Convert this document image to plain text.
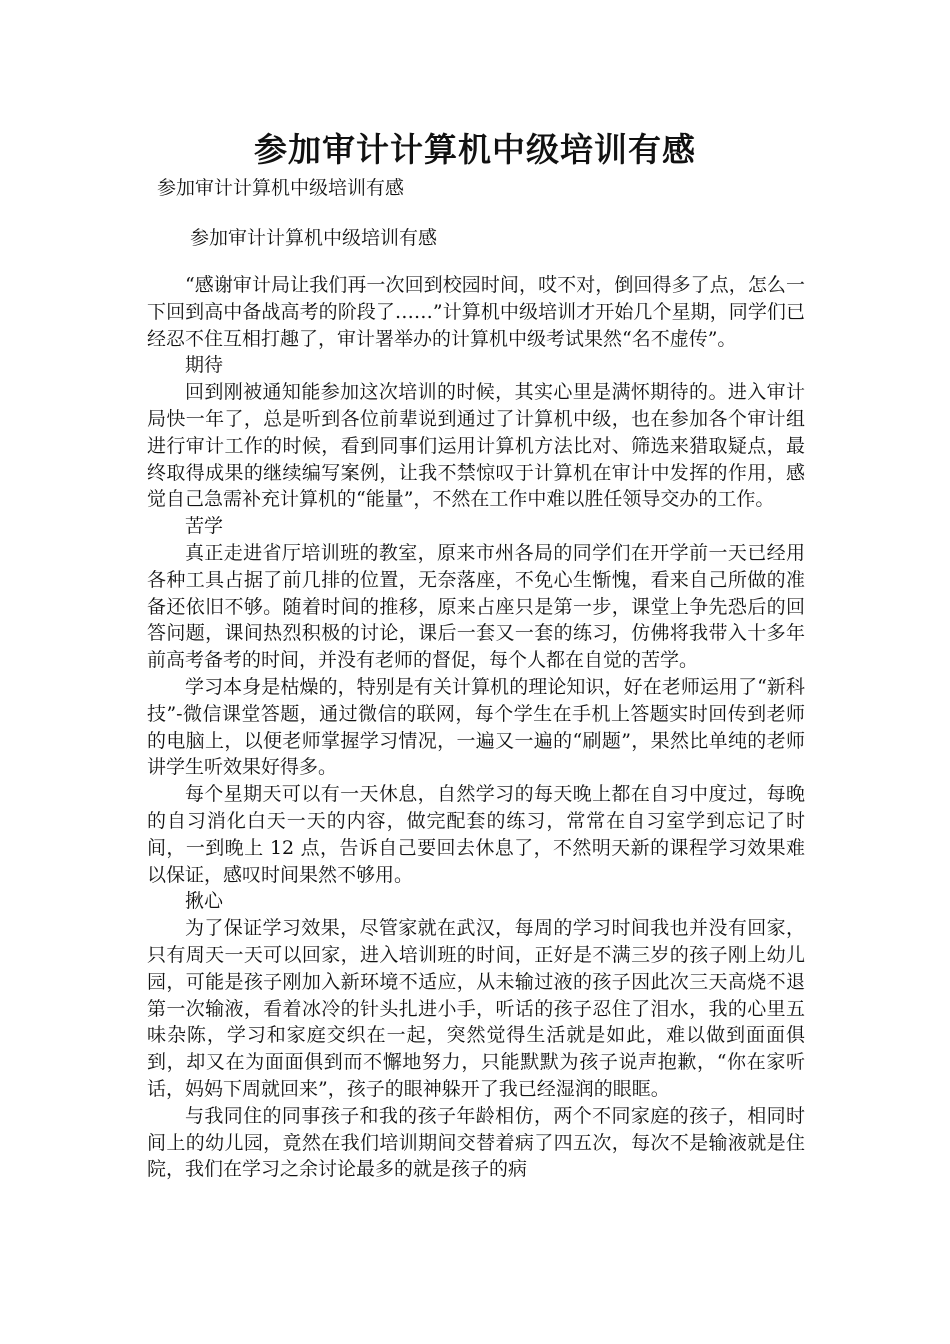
参加审计计算机中级培训有感
参加审计计算机中级培训有感
参加审计计算机中级培训有感

“感谢审计局让我们再一次回到校园时间，哎不对，倒回得多了点，怎么一下回到高中备战高考的阶段了……”计算机中级培训才开始几个星期，同学们已经忍不住互相打趣了，审计署举办的计算机中级考试果然“名不虚传”。

期待

回到刚被通知能参加这次培训的时候，其实心里是满怀期待的。进入审计局快一年了，总是听到各位前辈说到通过了计算机中级，也在参加各个审计组进行审计工作的时候，看到同事们运用计算机方法比对、筛选来猎取疑点，最终取得成果的继续编写案例，让我不禁惊叹于计算机在审计中发挥的作用，感觉自己急需补充计算机的“能量”，不然在工作中难以胜任领导交办的工作。

苦学

真正走进省厅培训班的教室，原来市州各局的同学们在开学前一天已经用各种工具占据了前几排的位置，无奈落座，不免心生惭愧，看来自己所做的准备还依旧不够。随着时间的推移，原来占座只是第一步，课堂上争先恐后的回答问题，课间热烈积极的讨论，课后一套又一套的练习，仿佛将我带入十多年前高考备考的时间，并没有老师的督促，每个人都在自觉的苦学。

学习本身是枯燥的，特别是有关计算机的理论知识，好在老师运用了“新科技”-微信课堂答题，通过微信的联网，每个学生在手机上答题实时回传到老师的电脑上，以便老师掌握学习情况，一遍又一遍的“刷题”，果然比单纯的老师讲学生听效果好得多。

每个星期天可以有一天休息，自然学习的每天晚上都在自习中度过，每晚的自习消化白天一天的内容，做完配套的练习，常常在自习室学到忘记了时间，一到晚上 12 点，告诉自己要回去休息了，不然明天新的课程学习效果难以保证，感叹时间果然不够用。

揪心

为了保证学习效果，尽管家就在武汉，每周的学习时间我也并没有回家，只有周天一天可以回家，进入培训班的时间，正好是不满三岁的孩子刚上幼儿园，可能是孩子刚加入新环境不适应，从未输过液的孩子因此次三天高烧不退第一次输液，看着冰冷的针头扎进小手，听话的孩子忍住了泪水，我的心里五味杂陈，学习和家庭交织在一起，突然觉得生活就是如此，难以做到面面俱到，却又在为面面俱到而不懈地努力，只能默默为孩子说声抱歉，“你在家听话，妈妈下周就回来”，孩子的眼神躲开了我已经湿润的眼眶。

与我同住的同事孩子和我的孩子年龄相仿，两个不同家庭的孩子，相同时间上的幼儿园，竟然在我们培训期间交替着病了四五次，每次不是输液就是住院，我们在学习之余讨论最多的就是孩子的病
